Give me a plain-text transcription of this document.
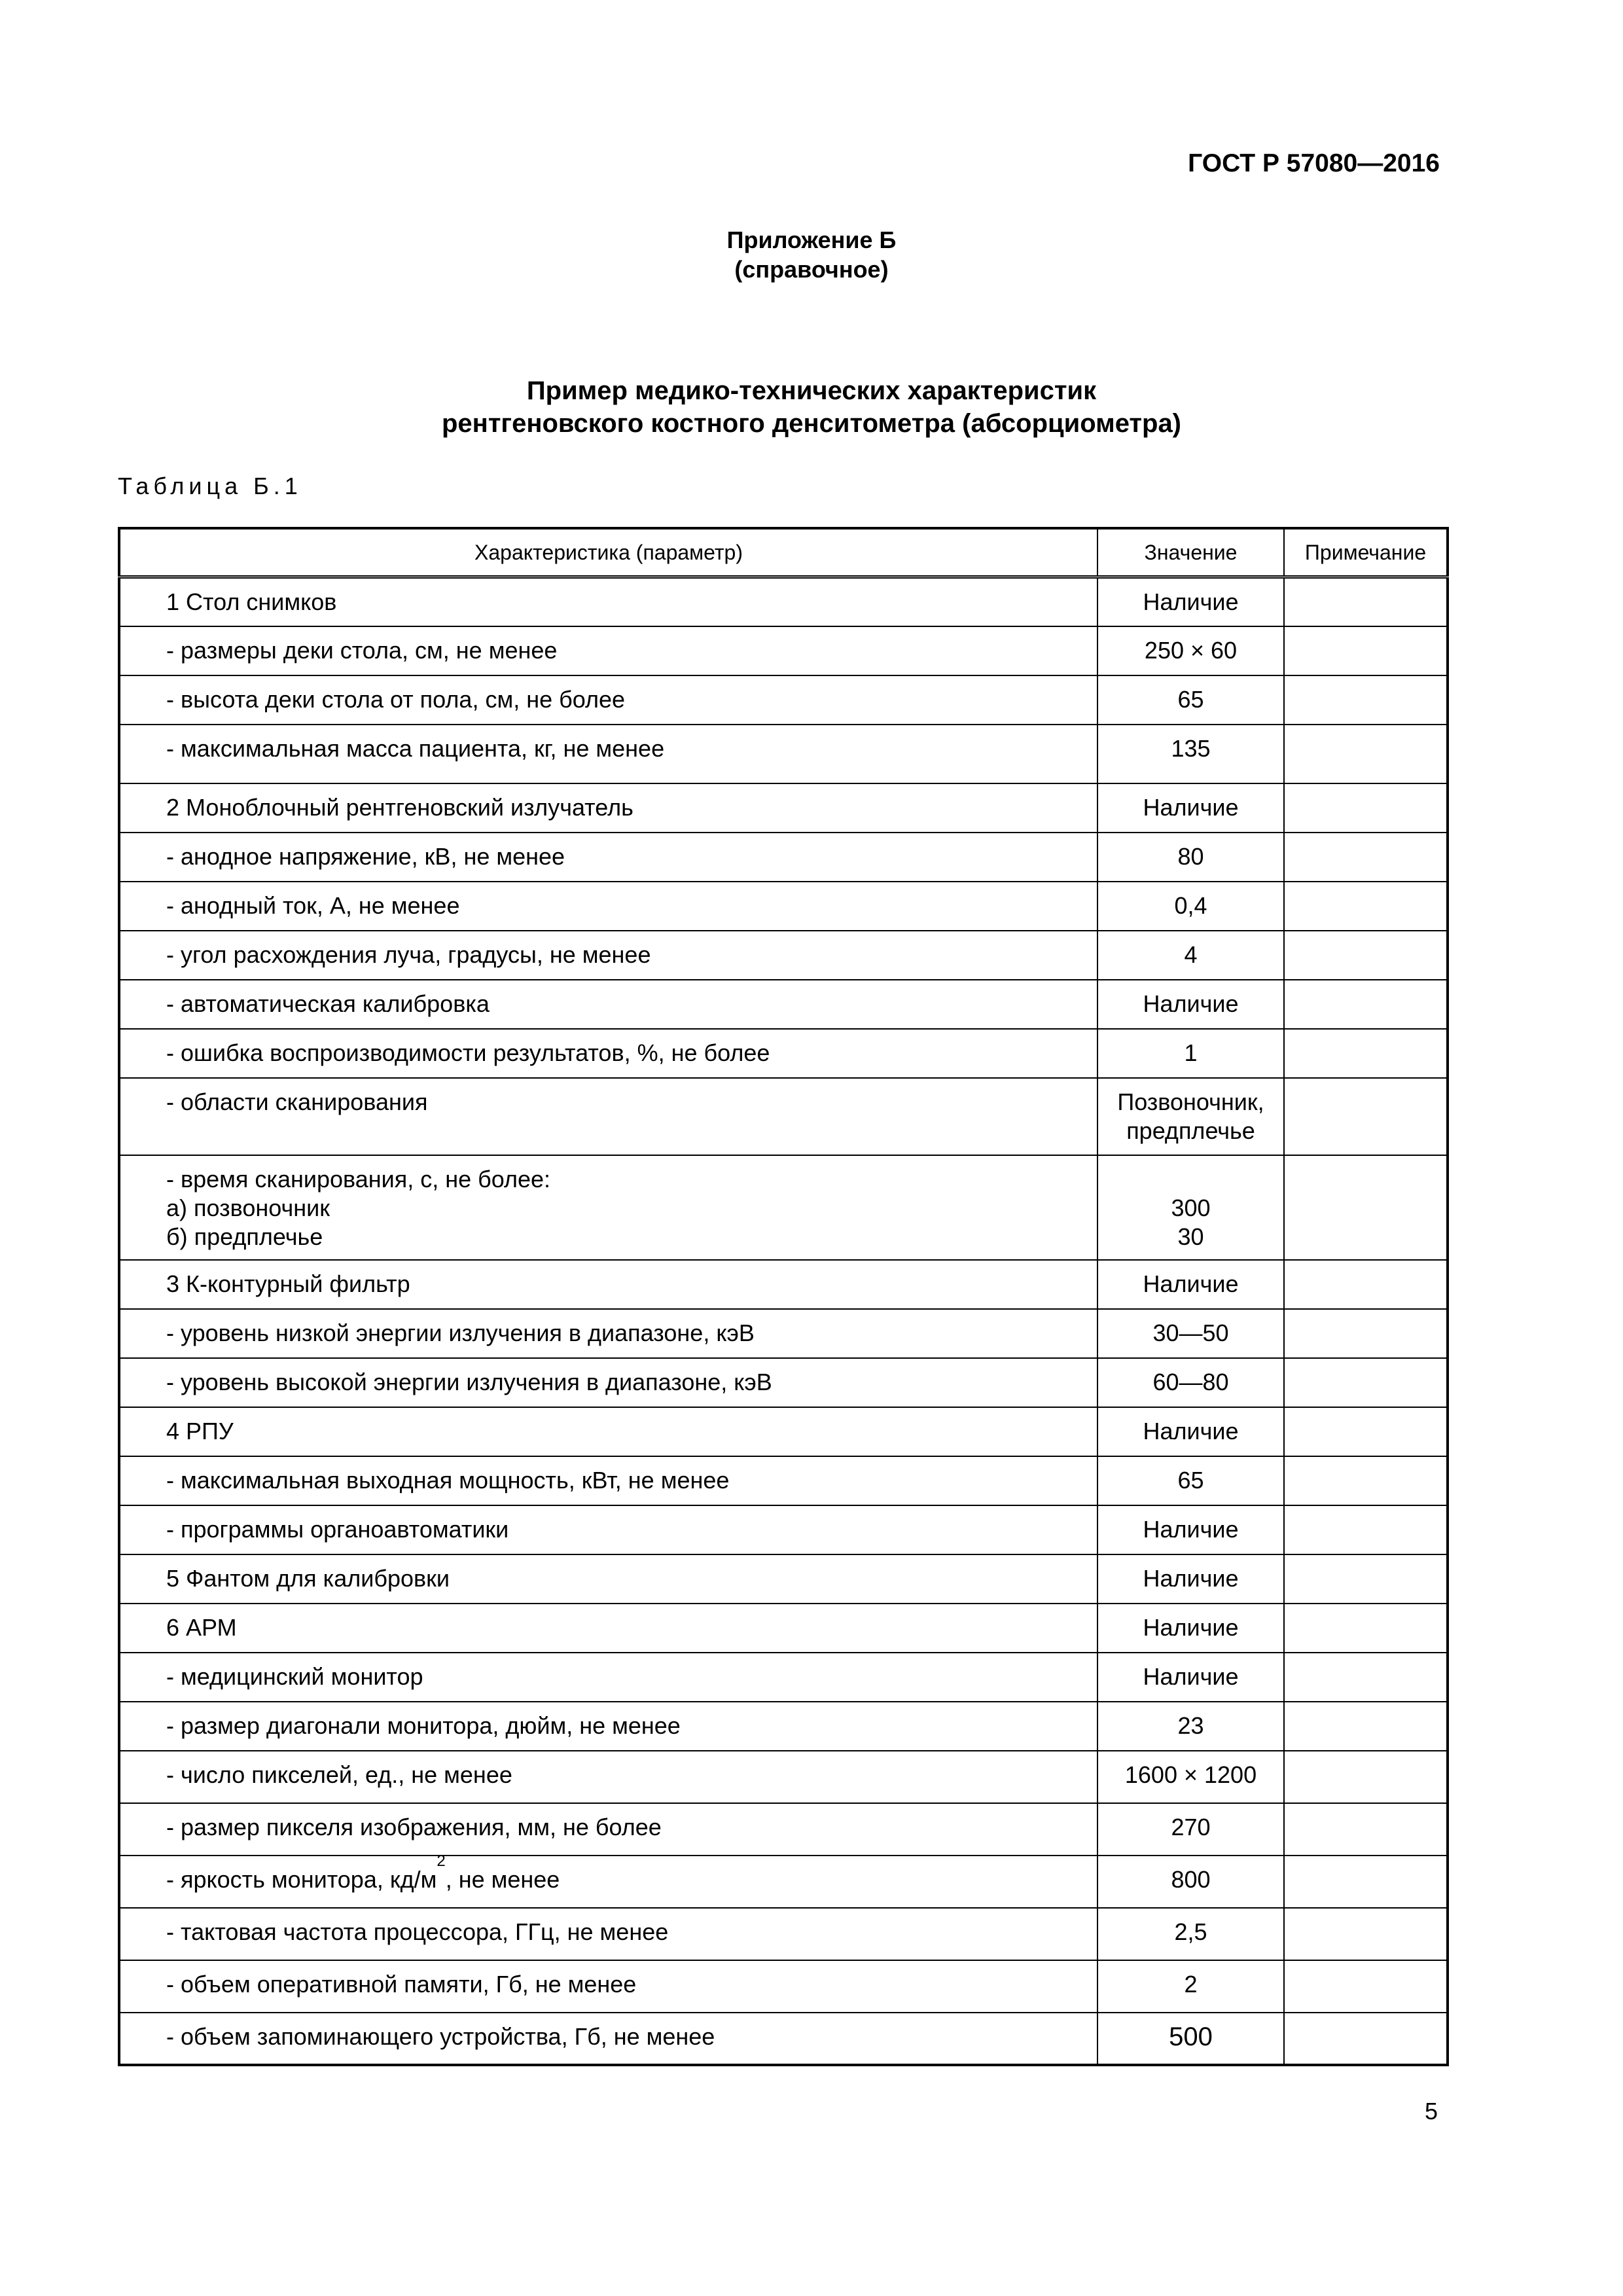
ГОСТ Р 57080—2016

Приложение Б
(справочное)
Пример медико-технических характеристик
рентгеновского костного денситометра (абсорциометра)

Таблица Б.1

Характеристика (параметр)	Значение	Примечание

1 Стол снимков	Наличие	

- размеры деки стола, см, не менее	250 × 60	

- высота деки стола от пола, см, не более	65	

- максимальная масса пациента, кг, не менее	135	

2 Моноблочный рентгеновский излучатель	Наличие	

- анодное напряжение, кВ, не менее	80	

- анодный ток, А, не менее	0,4	

- угол расхождения луча, градусы, не менее	4	

- автоматическая калибровка	Наличие	

- ошибка воспроизводимости результатов, %, не более	1	

- области сканирования	Позвоночник,
предплечье	

- время сканирования, с, не более:
а) позвоночник
б) предплечье	300
30	

3 К-контурный фильтр	Наличие	

- уровень низкой энергии излучения в диапазоне, кэВ	30—50	

- уровень высокой энергии излучения в диапазоне, кэВ	60—80	

4 РПУ	Наличие	

- максимальная выходная мощность, кВт, не менее	65	

- программы органоавтоматики	Наличие	

5 Фантом для калибровки	Наличие	

6 АРМ	Наличие	

- медицинский монитор	Наличие	

- размер диагонали монитора, дюйм, не менее	23	

- число пикселей, ед., не менее	1600 × 1200	

- размер пикселя изображения, мм, не более	270	

- яркость монитора, $кд/м^2$, не менее	800	

- тактовая частота процессора, ГГц, не менее	2,5	

- объем оперативной памяти, Гб, не менее	2	

- объем запоминающего устройства, Гб, не менее	500	

5
